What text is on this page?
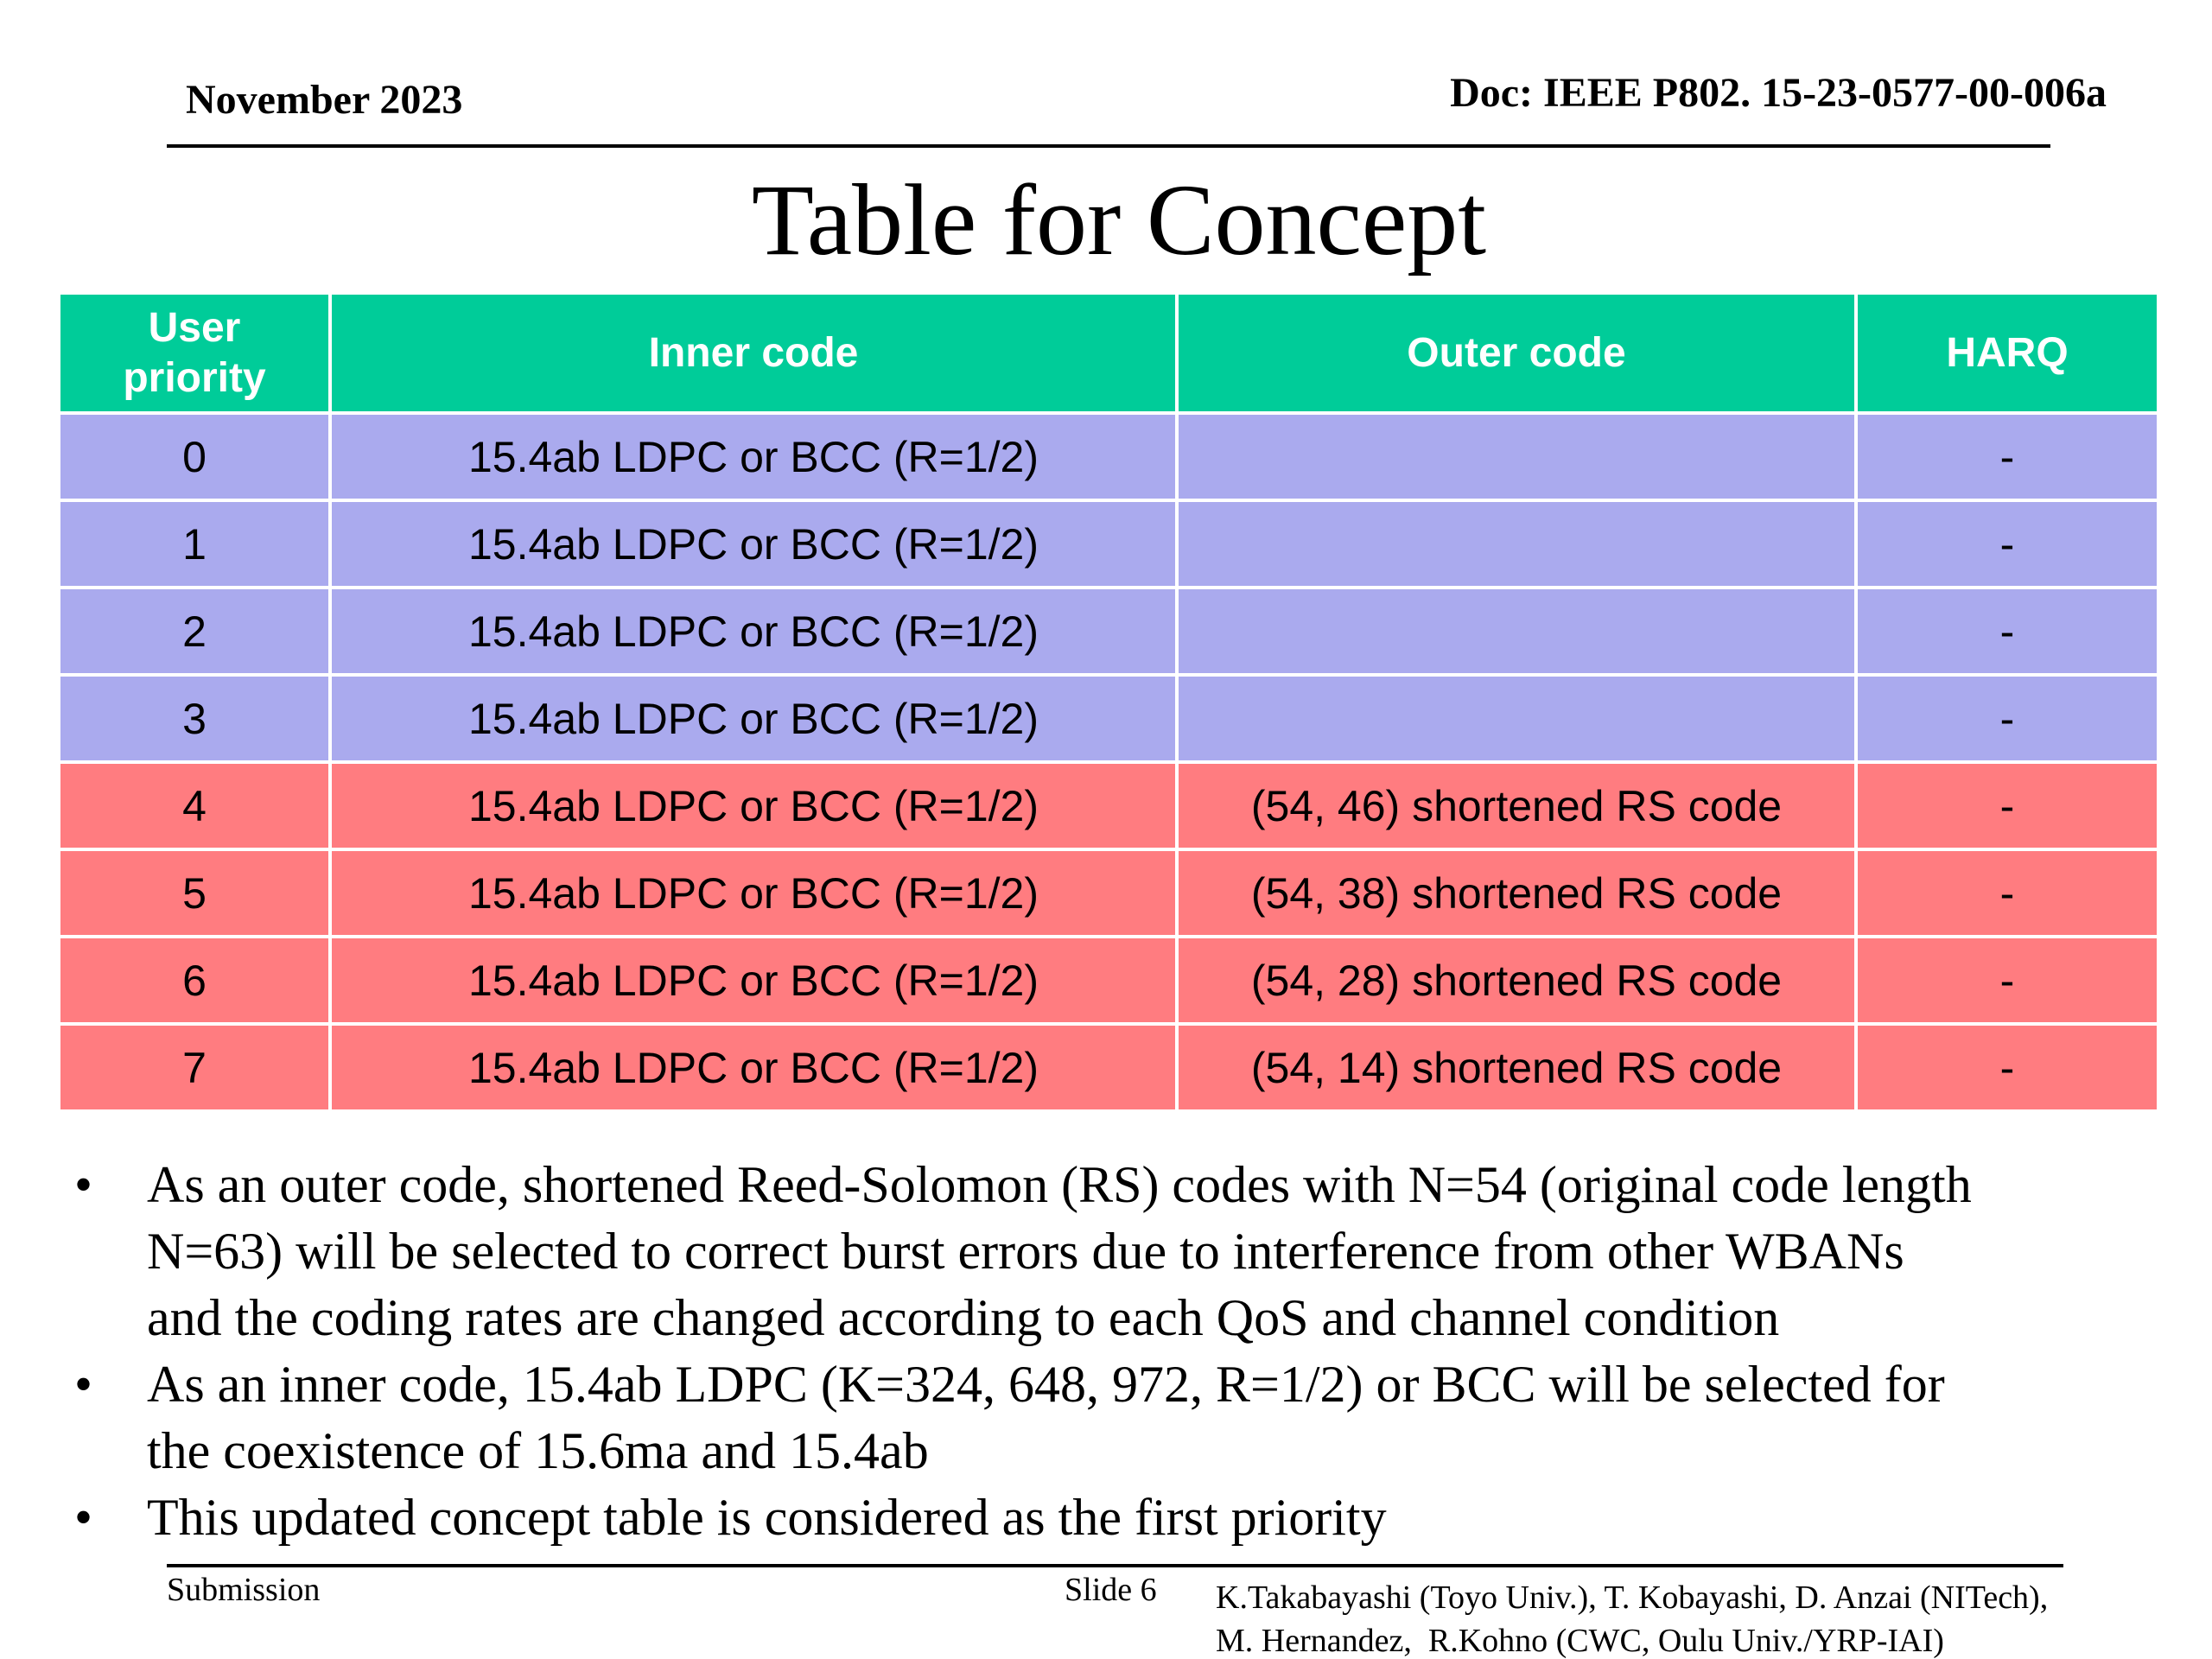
November 2023	Doc: IEEE P802. 15-23-0577-00-006a
Table for Concept
User
priority	Inner code	Outer code	HARQ
0	15.4ab LDPC or BCC (R=1/2)		-
1	15.4ab LDPC or BCC (R=1/2)		-
2	15.4ab LDPC or BCC (R=1/2)		-
3	15.4ab LDPC or BCC (R=1/2)		-
4	15.4ab LDPC or BCC (R=1/2)	(54, 46) shortened RS code	-
5	15.4ab LDPC or BCC (R=1/2)	(54, 38) shortened RS code	-
6	15.4ab LDPC or BCC (R=1/2)	(54, 28) shortened RS code	-
7	15.4ab LDPC or BCC (R=1/2)	(54, 14) shortened RS code	-
• As an outer code, shortened Reed-Solomon (RS) codes with N=54 (original code length
N=63) will be selected to correct burst errors due to interference from other WBANs
and the coding rates are changed according to each QoS and channel condition
• As an inner code, 15.4ab LDPC (K=324, 648, 972, R=1/2) or BCC will be selected for
the coexistence of 15.6ma and 15.4ab
• This updated concept table is considered as the first priority
Submission	Slide 6 K.Takabayashi (Toyo Univ.), T. Kobayashi, D. Anzai (NITech),
M. Hernandez,  R.Kohno (CWC, Oulu Univ./YRP-IAI)
